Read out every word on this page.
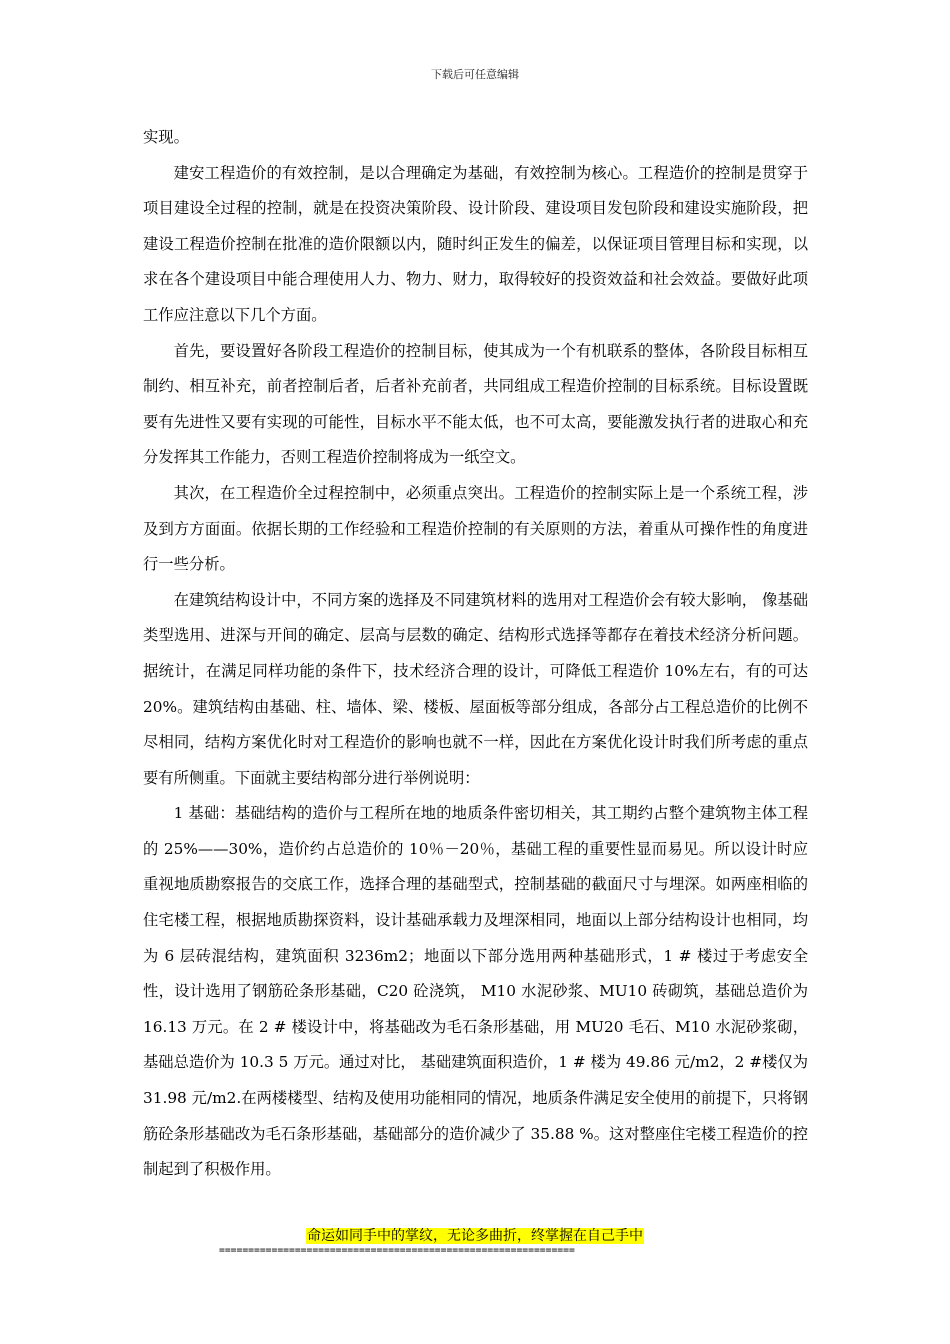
下载后可任意编辑

实现。

建安工程造价的有效控制，是以合理确定为基础，有效控制为核心。工程造价的控制是贯穿于项目建设全过程的控制，就是在投资决策阶段、设计阶段、建设项目发包阶段和建设实施阶段，把建设工程造价控制在批准的造价限额以内，随时纠正发生的偏差，以保证项目管理目标和实现，以求在各个建设项目中能合理使用人力、物力、财力，取得较好的投资效益和社会效益。要做好此项工作应注意以下几个方面。

首先，要设置好各阶段工程造价的控制目标，使其成为一个有机联系的整体，各阶段目标相互制约、相互补充，前者控制后者，后者补充前者，共同组成工程造价控制的目标系统。目标设置既要有先进性又要有实现的可能性，目标水平不能太低，也不可太高，要能激发执行者的进取心和充分发挥其工作能力，否则工程造价控制将成为一纸空文。

其次，在工程造价全过程控制中，必须重点突出。工程造价的控制实际上是一个系统工程，涉及到方方面面。依据长期的工作经验和工程造价控制的有关原则的方法，着重从可操作性的角度进行一些分析。

在建筑结构设计中，不同方案的选择及不同建筑材料的选用对工程造价会有较大影响， 像基础类型选用、进深与开间的确定、层高与层数的确定、结构形式选择等都存在着技术经济分析问题。据统计，在满足同样功能的条件下，技术经济合理的设计，可降低工程造价 10%左右，有的可达 20%。建筑结构由基础、柱、墙体、梁、楼板、屋面板等部分组成，各部分占工程总造价的比例不尽相同，结构方案优化时对工程造价的影响也就不一样，因此在方案优化设计时我们所考虑的重点要有所侧重。下面就主要结构部分进行举例说明：

1 基础：基础结构的造价与工程所在地的地质条件密切相关，其工期约占整个建筑物主体工程的 25%——30%，造价约占总造价的 10％－20％，基础工程的重要性显而易见。所以设计时应重视地质勘察报告的交底工作，选择合理的基础型式，控制基础的截面尺寸与埋深。如两座相临的住宅楼工程，根据地质勘探资料，设计基础承载力及埋深相同，地面以上部分结构设计也相同，均为 6 层砖混结构，建筑面积 3236m2；地面以下部分选用两种基础形式，1 # 楼过于考虑安全性，设计选用了钢筋砼条形基础，C20 砼浇筑， M10 水泥砂浆、MU10 砖砌筑，基础总造价为 16.13 万元。在 2 # 楼设计中，将基础改为毛石条形基础，用 MU20 毛石、M10 水泥砂浆砌，基础总造价为 10.3 5 万元。通过对比， 基础建筑面积造价，1 # 楼为 49.86 元/m2，2 #楼仅为 31.98 元/m2.在两楼楼型、结构及使用功能相同的情况，地质条件满足安全使用的前提下，只将钢筋砼条形基础改为毛石条形基础，基础部分的造价减少了 35.88 %。这对整座住宅楼工程造价的控制起到了积极作用。

命运如同手中的掌纹，无论多曲折，终掌握在自己手中
=============================================================
